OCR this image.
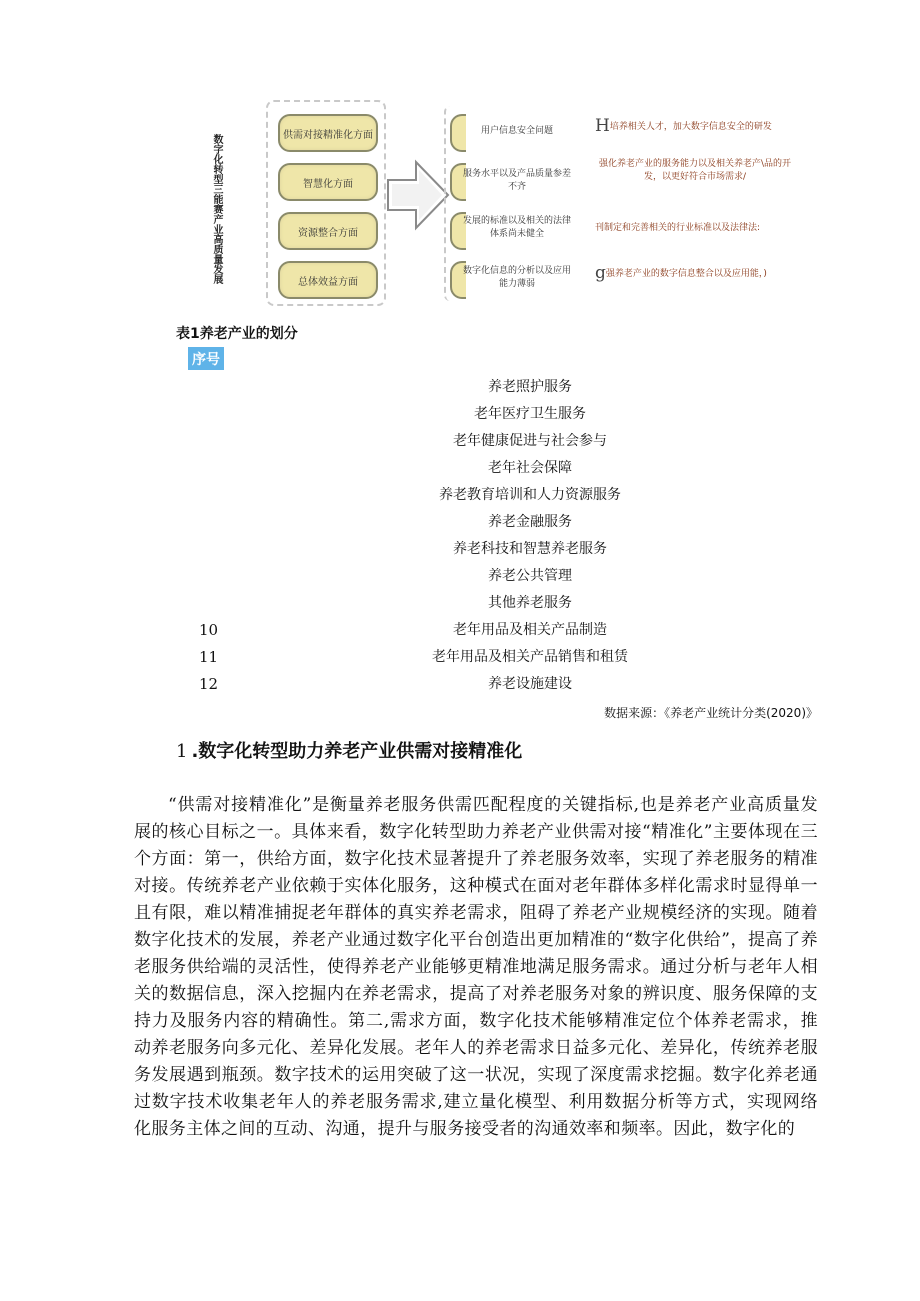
数字化转型三能赛产业高质量发展	供需对接精准化方面
智慧化方面
资源整合方面
总体效益方面
用户信息安全问题
服务水平以及产品质量参差不齐
发展的标准以及相关的法律体系尚未健全
数字化信息的分析以及应用能力薄弱
H培养相关人才，加大数字信息安全的研发
强化养老产业的服务能力以及相关养老产\品的开发，以更好符合市场需求/
刊制定和完善相关的行业标准以及法律法:
g强养老产业的数字信息整合以及应用能，)
表1养老产业的划分
序号
养老照护服务
老年医疗卫生服务
老年健康促进与社会参与
老年社会保障
养老教育培训和人力资源服务
养老金融服务
养老科技和智慧养老服务
养老公共管理
其他养老服务
10	老年用品及相关产品制造
11	老年用品及相关产品销售和租赁
12	养老设施建设
数据来源：《养老产业统计分类(2020)》
1 .数字化转型助力养老产业供需对接精准化

“供需对接精准化”是衡量养老服务供需匹配程度的关键指标,也是养老产业高质量发展的核心目标之一。具体来看，数字化转型助力养老产业供需对接“精准化”主要体现在三个方面：第一，供给方面，数字化技术显著提升了养老服务效率，实现了养老服务的精准对接。传统养老产业依赖于实体化服务，这种模式在面对老年群体多样化需求时显得单一且有限，难以精准捕捉老年群体的真实养老需求，阻碍了养老产业规模经济的实现。随着数字化技术的发展，养老产业通过数字化平台创造出更加精准的“数字化供给”，提高了养老服务供给端的灵活性，使得养老产业能够更精准地满足服务需求。通过分析与老年人相关的数据信息，深入挖掘内在养老需求，提高了对养老服务对象的辨识度、服务保障的支持力及服务内容的精确性。第二,需求方面，数字化技术能够精准定位个体养老需求，推动养老服务向多元化、差异化发展。老年人的养老需求日益多元化、差异化，传统养老服务发展遇到瓶颈。数字技术的运用突破了这一状况，实现了深度需求挖掘。数字化养老通过数字技术收集老年人的养老服务需求,建立量化模型、利用数据分析等方式，实现网络化服务主体之间的互动、沟通，提升与服务接受者的沟通效率和频率。因此，数字化的
